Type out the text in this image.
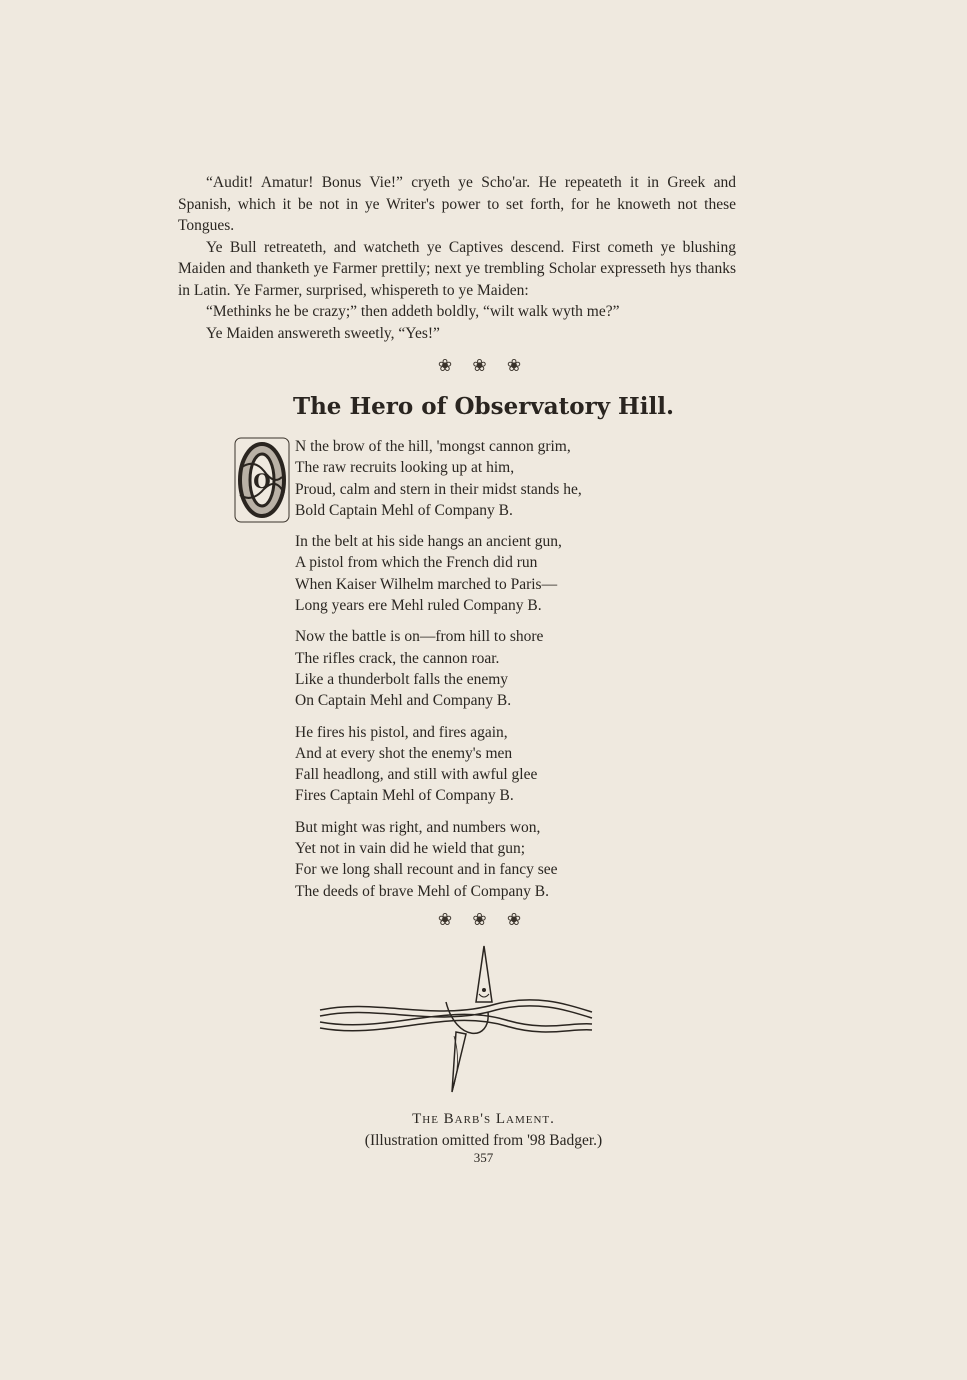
“Audit! Amatur! Bonus Vie!” cryeth ye Scho'ar. He repeateth it in Greek and Spanish, which it be not in ye Writer's power to set forth, for he knoweth not these Tongues.

Ye Bull retreateth, and watcheth ye Captives descend. First cometh ye blushing Maiden and thanketh ye Farmer prettily; next ye trembling Scholar expresseth hys thanks in Latin. Ye Farmer, surprised, whispereth to ye Maiden:

“Methinks he be crazy;” then addeth boldly, “wilt walk wyth me?”

Ye Maiden answereth sweetly, “Yes!”

❀ ❀ ❀
The Hero of Observatory Hill.
O
N the brow of the hill, 'mongst cannon grim,
The raw recruits looking up at him,
Proud, calm and stern in their midst stands he,
Bold Captain Mehl of Company B.
In the belt at his side hangs an ancient gun,
A pistol from which the French did run
When Kaiser Wilhelm marched to Paris—
Long years ere Mehl ruled Company B.
Now the battle is on—from hill to shore
The rifles crack, the cannon roar.
Like a thunderbolt falls the enemy
On Captain Mehl and Company B.
He fires his pistol, and fires again,
And at every shot the enemy's men
Fall headlong, and still with awful glee
Fires Captain Mehl of Company B.
But might was right, and numbers won,
Yet not in vain did he wield that gun;
For we long shall recount and in fancy see
The deeds of brave Mehl of Company B.
❀ ❀ ❀
The Barb's Lament.
(Illustration omitted from '98 Badger.)
357
